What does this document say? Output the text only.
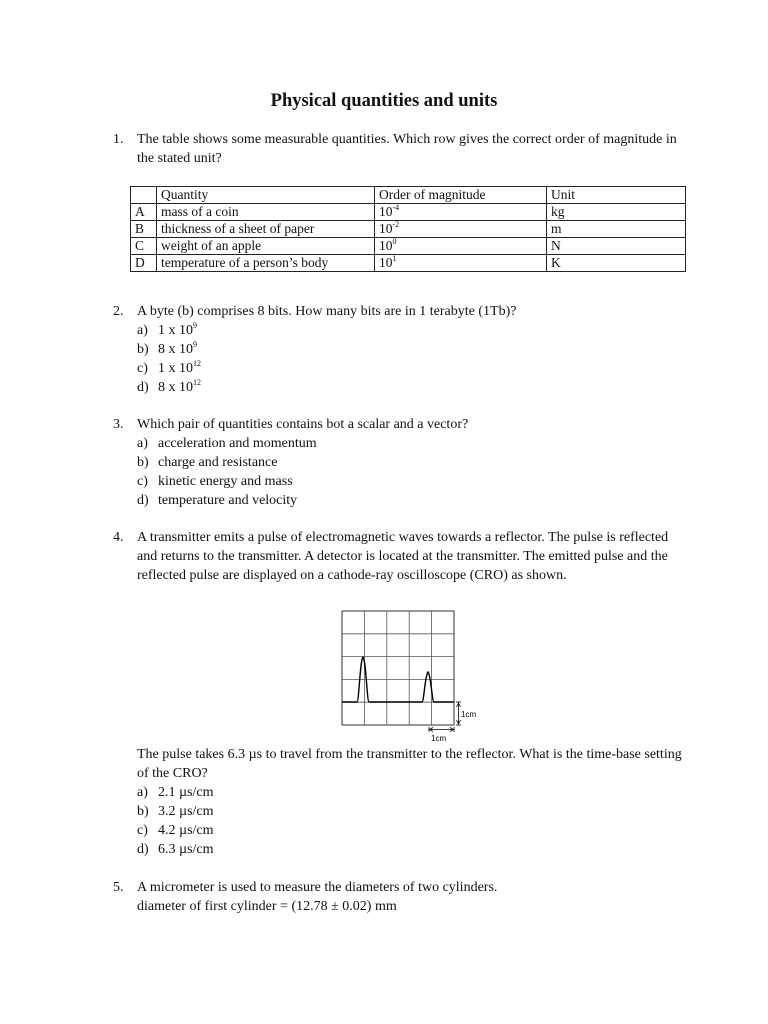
Physical quantities and units
1. The table shows some measurable quantities. Which row gives the correct order of magnitude in the stated unit?
	Quantity	Order of magnitude	Unit
A	mass of a coin	$10^{-4}$	kg
B	thickness of a sheet of paper	$10^{-2}$	m
C	weight of an apple	$10^0$	N
D	temperature of a person’s body	$10^1$	K
2. A byte (b) comprises 8 bits. How many bits are in 1 terabyte (1Tb)?
a) 1 x $10^9$
b) 8 x $10^9$
c) 1 x $10^{12}$
d) 8 x $10^{12}$
3. Which pair of quantities contains bot a scalar and a vector?
a) acceleration and momentum
b) charge and resistance
c) kinetic energy and mass
d) temperature and velocity
4. A transmitter emits a pulse of electromagnetic waves towards a reflector. The pulse is reflected and returns to the transmitter. A detector is located at the transmitter. The emitted pulse and the reflected pulse are displayed on a cathode-ray oscilloscope (CRO) as shown.
1cm
1cm
The pulse takes 6.3 µs to travel from the transmitter to the reflector. What is the time-base setting of the CRO?
a) 2.1 µs/cm
b) 3.2 µs/cm
c) 4.2 µs/cm
d) 6.3 µs/cm
5. A micrometer is used to measure the diameters of two cylinders.
diameter of first cylinder = (12.78 ± 0.02) mm
